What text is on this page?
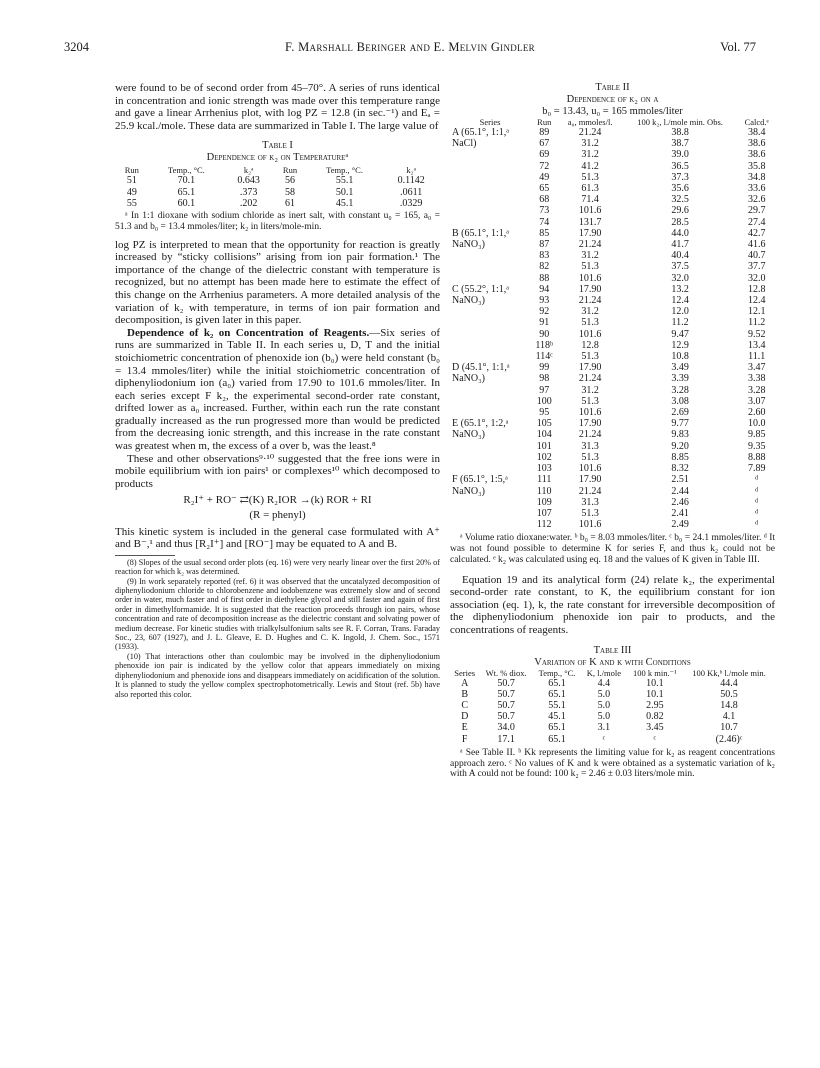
3204	F. Marshall Beringer and E. Melvin Gindler	Vol. 77

were found to be of second order from 45–70°. A series of runs identical in concentration and ionic strength was made over this temperature range and gave a linear Arrhenius plot, with log PZ = 12.8 (in sec.⁻¹) and Eₐ = 25.9 kcal./mole. These data are summarized in Table I. The large value of

Table I
Dependence of k₂ on Temperatureᵃ
Run	Temp., °C.	k₂ᵃ	Run	Temp., °C.	k₂ᵃ
51	70.1	0.643	56	55.1	0.1142
49	65.1	.373	58	50.1	.0611
55	60.1	.202	61	45.1	.0329
ᵃ In 1:1 dioxane with sodium chloride as inert salt, with constant u₀ = 165, a₀ = 51.3 and b₀ = 13.4 mmoles/liter; k₂ in liters/mole-min.

log PZ is interpreted to mean that the opportunity for reaction is greatly increased by “sticky collisions” arising from ion pair formation.¹ The importance of the change of the dielectric constant with temperature is recognized, but no attempt has been made here to estimate the effect of this change on the Arrhenius parameters. A more detailed analysis of the variation of k₂ with temperature, in terms of ion pair formation and decomposition, is given later in this paper.

Dependence of k₂ on Concentration of Reagents.—Six series of runs are summarized in Table II. In each series u, D, T and the initial stoichiometric concentration of phenoxide ion (b₀) were held constant (b₀ = 13.4 mmoles/liter) while the initial stoichiometric concentration of diphenyliodonium ion (a₀) varied from 17.90 to 101.6 mmoles/liter. In each series except F k₂, the experimental second-order rate constant, drifted lower as a₀ increased. Further, within each run the rate constant gradually increased as the run progressed more than would be predicted from the decreasing ionic strength, and this increase in the rate constant was greatest when m, the excess of a over b, was the least.⁸

These and other observations⁹·¹⁰ suggested that the free ions were in mobile equilibrium with ion pairs¹ or complexes¹⁰ which decomposed to products

R₂I⁺ + RO⁻ ⇄(K) R₂IOR →(k) ROR + RI
(R = phenyl)

This kinetic system is included in the general case formulated with A⁺ and B⁻,¹ and thus [R₂I⁺] and [RO⁻] may be equated to A and B.

(8) Slopes of the usual second order plots (eq. 16) were very nearly linear over the first 20% of reaction for which k₂ was determined.

(9) In work separately reported (ref. 6) it was observed that the uncatalyzed decomposition of diphenyliodonium chloride to chlorobenzene and iodobenzene was extremely slow and of second order in water, much faster and of first order in diethylene glycol and still faster and again of first order in dimethylformamide. It is suggested that the reaction proceeds through ion pairs, whose concentration and rate of decomposition increase as the dielectric constant and solvating power of medium decrease. For kinetic studies with trialkylsulfonium salts see R. F. Corran, Trans. Faraday Soc., 23, 607 (1927), and J. L. Gleave, E. D. Hughes and C. K. Ingold, J. Chem. Soc., 1571 (1933).

(10) That interactions other than coulombic may be involved in the diphenyliodonium phenoxide ion pair is indicated by the yellow color that appears immediately on mixing diphenyliodonium and phenoxide ions and disappears immediately on acidification of the solution. It is planned to study the yellow complex spectrophotometrically. Lewis and Stout (ref. 5b) have also reported this color.

Table II
Dependence of k₂ on a
b₀ = 13.43, u₀ = 165 mmoles/liter
Series	Run	a₀, mmoles/l.	100 k₂, l./mole min. Obs.	Calcd.ᵉ
A (65.1°, 1:1,ᵃ	89	21.24	38.8	38.4
NaCl)	67	31.2	38.7	38.6
	69	31.2	39.0	38.6
	72	41.2	36.5	35.8
	49	51.3	37.3	34.8
	65	61.3	35.6	33.6
	68	71.4	32.5	32.6
	73	101.6	29.6	29.7
	74	131.7	28.5	27.4
B (65.1°, 1:1,ᵃ	85	17.90	44.0	42.7
NaNO₃)	87	21.24	41.7	41.6
	83	31.2	40.4	40.7
	82	51.3	37.5	37.7
	88	101.6	32.0	32.0
C (55.2°, 1:1,ᵃ	94	17.90	13.2	12.8
NaNO₃)	93	21.24	12.4	12.4
	92	31.2	12.0	12.1
	91	51.3	11.2	11.2
	90	101.6	9.47	9.52
	118ᵇ	12.8	12.9	13.4
	114ᶜ	51.3	10.8	11.1
D (45.1°, 1:1,ᵃ	99	17.90	3.49	3.47
NaNO₃)	98	21.24	3.39	3.38
	97	31.2	3.28	3.28
	100	51.3	3.08	3.07
	95	101.6	2.69	2.60
E (65.1°, 1:2,ᵃ	105	17.90	9.77	10.0
NaNO₃)	104	21.24	9.83	9.85
	101	31.3	9.20	9.35
	102	51.3	8.85	8.88
	103	101.6	8.32	7.89
F (65.1°, 1:5,ᵃ	111	17.90	2.51	ᵈ
NaNO₃)	110	21.24	2.44	ᵈ
	109	31.3	2.46	ᵈ
	107	51.3	2.41	ᵈ
	112	101.6	2.49	ᵈ
ᵃ Volume ratio dioxane:water. ᵇ b₀ = 8.03 mmoles/liter. ᶜ b₀ = 24.1 mmoles/liter. ᵈ It was not found possible to determine K for series F, and thus k₂ could not be calculated. ᵉ k₂ was calculated using eq. 18 and the values of K given in Table III.

Equation 19 and its analytical form (24) relate k₂, the experimental second-order rate constant, to K, the equilibrium constant for ion association (eq. 1), k, the rate constant for irreversible decomposition of the diphenyliodonium phenoxide ion pair to products, and the concentrations of reagents.

Table III
Variation of K and k with Conditions
Series	Wt. % diox.	Temp., °C.	K, l./mole	100 k min.⁻¹	100 Kk,ᵇ l./mole min.
A	50.7	65.1	4.4	10.1	44.4
B	50.7	65.1	5.0	10.1	50.5
C	50.7	55.1	5.0	2.95	14.8
D	50.7	45.1	5.0	0.82	4.1
E	34.0	65.1	3.1	3.45	10.7
F	17.1	65.1	ᶜ	ᶜ	(2.46)ᶜ
ᵃ See Table II. ᵇ Kk represents the limiting value for k₂ as reagent concentrations approach zero. ᶜ No values of K and k were obtained as a systematic variation of k₂ with A could not be found: 100 k₂ = 2.46 ± 0.03 liters/mole min.
